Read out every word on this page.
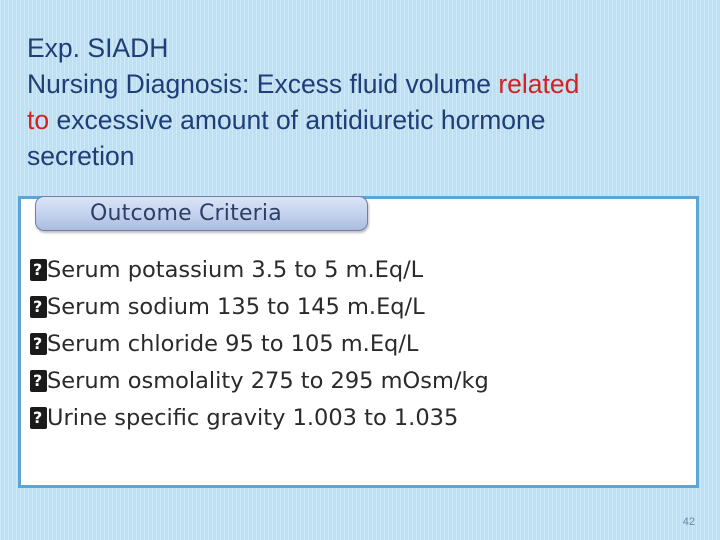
Exp. SIADH
Nursing Diagnosis: Excess fluid volume related
to excessive amount of antidiuretic hormone
secretion
Outcome Criteria
?Serum potassium 3.5 to 5 m.Eq/L
?Serum sodium 135 to 145 m.Eq/L
?Serum chloride 95 to 105 m.Eq/L
?Serum osmolality 275 to 295 mOsm/kg
?Urine specific gravity 1.003 to 1.035
42
